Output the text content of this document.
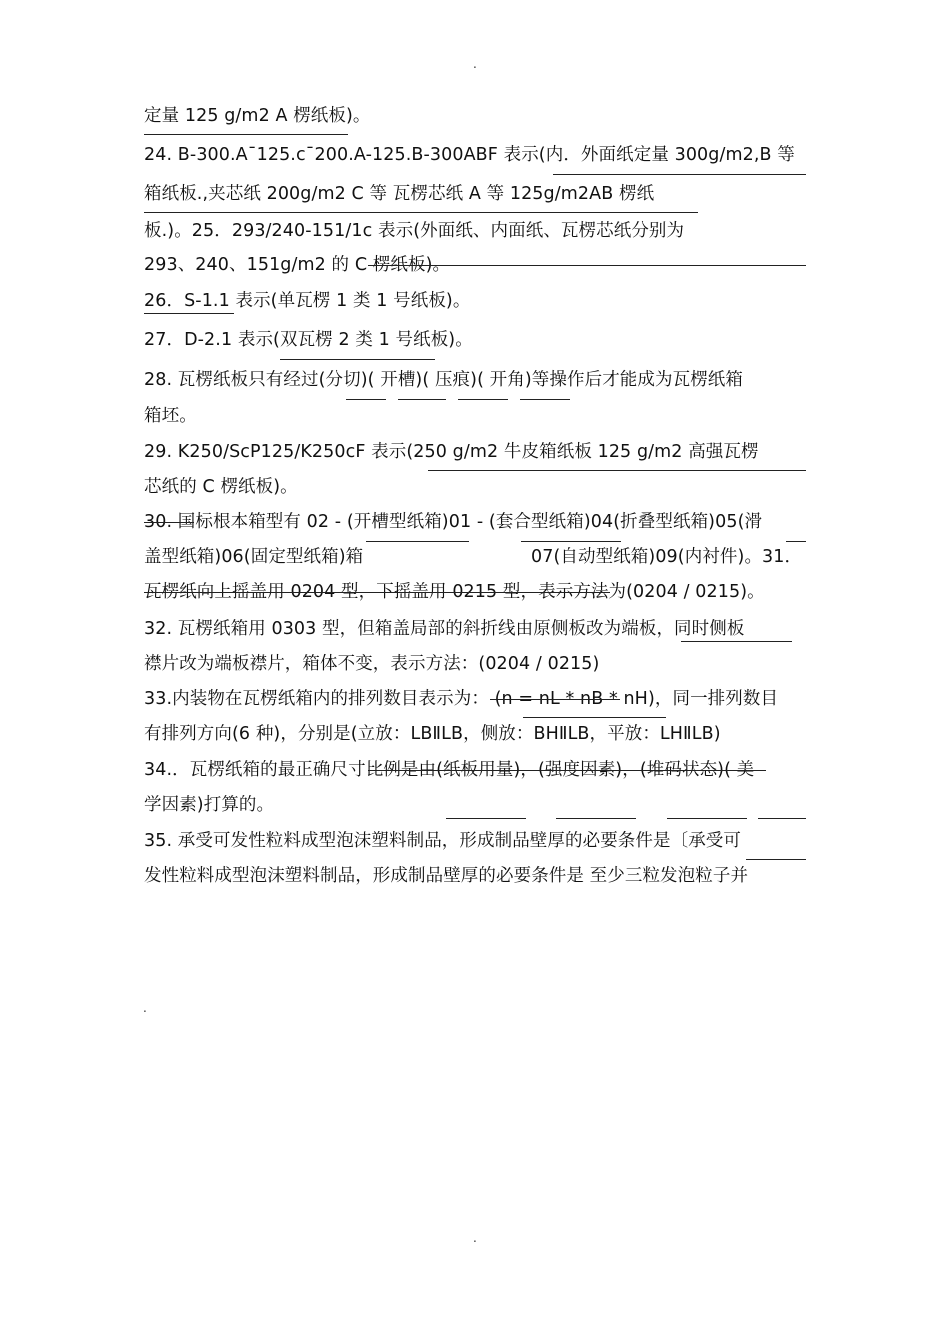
.
定量 125 g/m2 A 楞纸板)。
24. B-300.A¯125.c¯200.A-125.B-300ABF 表示(内．外面纸定量 300g/m2,B 等
箱纸板.,夹芯纸 200g/m2 C 等 瓦楞芯纸 A 等 125g/m2AB 楞纸
板.)。25．293/240-151/1c 表示(外面纸、内面纸、瓦楞芯纸分别为
293、240、151g/m2 的 C 楞纸板)。
26．S-1.1 表示(单瓦楞 1 类 1 号纸板)。
27．D-2.1 表示(双瓦楞 2 类 1 号纸板)。
28. 瓦楞纸板只有经过(分切)( 开槽)( 压痕)( 开角)等操作后才能成为瓦楞纸箱
箱坯。
29. K250/ScP125/K250cF 表示(250 g/m2 牛皮箱纸板 125 g/m2 高强瓦楞
芯纸的 C 楞纸板)。
30. 国标根本箱型有 02 - (开槽型纸箱)01 - (套合型纸箱)04(折叠型纸箱)05(滑
盖型纸箱)06(固定型纸箱)箱	07(自动型纸箱)09(内衬件)。31．
瓦楞纸向上摇盖用 0204 型，下摇盖用 0215 型，表示方法为(0204 / 0215)。
32. 瓦楞纸箱用 0303 型，但箱盖局部的斜折线由原侧板改为端板，同时侧板
襟片改为端板襟片，箱体不变，表示方法：(0204 / 0215)
33.内装物在瓦楞纸箱内的排列数目表示为： (n = nL * nB * nH)，同一排列数目
有排列方向(6 种)，分别是(立放：LBⅡLB，侧放：BHⅡLB，平放：LHⅡLB)
34.．瓦楞纸箱的最正确尺寸比例是由(纸板用量)，(强度因素)，(堆码状态)( 美
学因素)打算的。
35. 承受可发性粒料成型泡沫塑料制品，形成制品壁厚的必要条件是〔承受可
发性粒料成型泡沫塑料制品，形成制品壁厚的必要条件是 至少三粒发泡粒子并
.
.
